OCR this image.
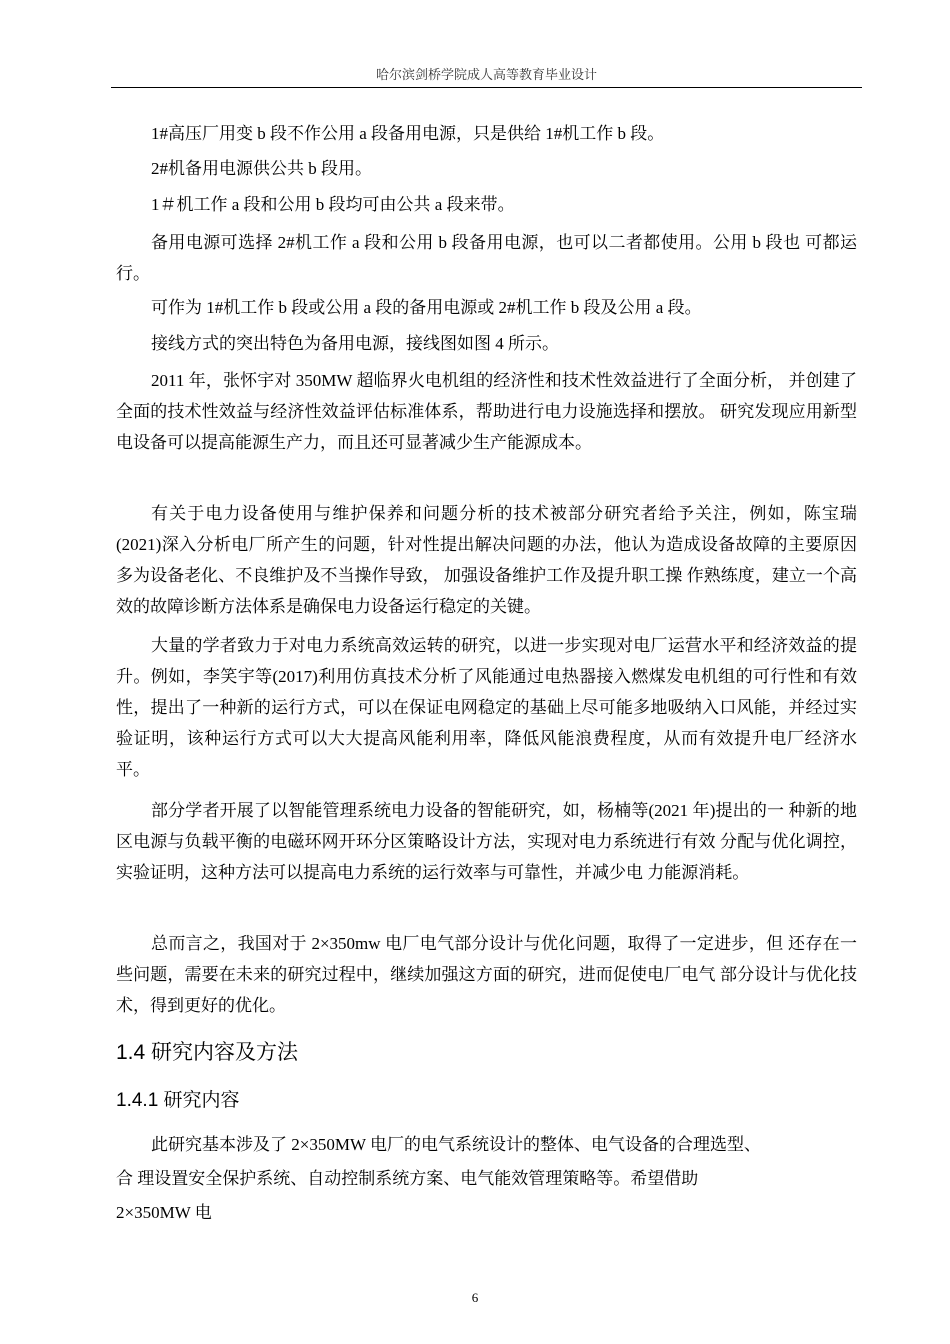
哈尔滨剑桥学院成人高等教育毕业设计

1#高压厂用变 b 段不作公用 a 段备用电源，只是供给 1#机工作 b 段。

2#机备用电源供公共 b 段用。

1＃机工作 a 段和公用 b 段均可由公共 a 段来带。

备用电源可选择 2#机工作 a 段和公用 b 段备用电源，也可以二者都使用。公用 b 段也 可都运行。

可作为 1#机工作 b 段或公用 a 段的备用电源或 2#机工作 b 段及公用 a 段。

接线方式的突出特色为备用电源，接线图如图 4 所示。

2011 年，张怀宇对 350MW 超临界火电机组的经济性和技术性效益进行了全面分析， 并创建了全面的技术性效益与经济性效益评估标准体系，帮助进行电力设施选择和摆放。 研究发现应用新型电设备可以提高能源生产力，而且还可显著减少生产能源成本。

有关于电力设备使用与维护保养和问题分析的技术被部分研究者给予关注，例如，陈宝瑞(2021)深入分析电厂所产生的问题，针对性提出解决问题的办法，他认为造成设备故障的主要原因多为设备老化、不良维护及不当操作导致， 加强设备维护工作及提升职工操 作熟练度，建立一个高效的故障诊断方法体系是确保电力设备运行稳定的关键。

大量的学者致力于对电力系统高效运转的研究，以进一步实现对电厂运营水平和经济效益的提升。例如，李笑宇等(2017)利用仿真技术分析了风能通过电热器接入燃煤发电机组的可行性和有效性，提出了一种新的运行方式，可以在保证电网稳定的基础上尽可能多地吸纳入口风能，并经过实验证明，该种运行方式可以大大提高风能利用率，降低风能浪费程度，从而有效提升电厂经济水平。

部分学者开展了以智能管理系统电力设备的智能研究，如，杨楠等(2021 年)提出的一 种新的地区电源与负载平衡的电磁环网开环分区策略设计方法，实现对电力系统进行有效 分配与优化调控，实验证明，这种方法可以提高电力系统的运行效率与可靠性，并减少电 力能源消耗。

总而言之，我国对于 2×350mw 电厂电气部分设计与优化问题，取得了一定进步，但 还存在一些问题，需要在未来的研究过程中，继续加强这方面的研究，进而促使电厂电气 部分设计与优化技术，得到更好的优化。

1.4 研究内容及方法
1.4.1 研究内容
此研究基本涉及了 2×350MW 电厂的电气系统设计的整体、电气设备的合理选型、
合 理设置安全保护系统、自动控制系统方案、电气能效管理策略等。希望借助
2×350MW 电
6
